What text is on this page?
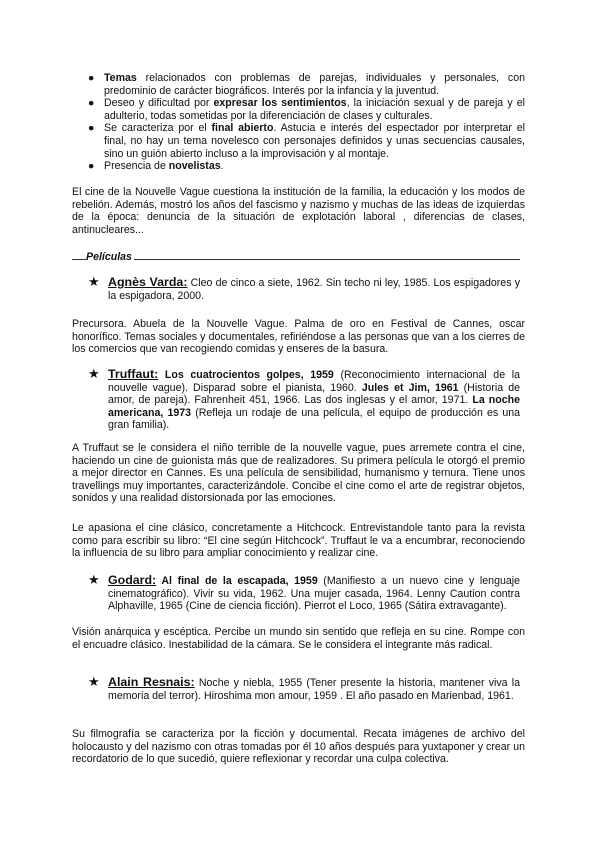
● Temas relacionados con problemas de parejas, individuales y personales, con predominio de carácter biográficos. Interés por la infancia y la juventud.
● Deseo y dificultad por expresar los sentimientos, la iniciación sexual y de pareja y el adulterio, todas sometidas por la diferenciación de clases y culturales.
● Se caracteriza por el final abierto. Astucia e interés del espectador por interpretar el final, no hay un tema novelesco con personajes definidos y unas secuencias causales, sino un guión abierto incluso a la improvisación y al montaje.
● Presencia de novelistas.

El cine de la Nouvelle Vague cuestiona la institución de la familia, la educación y los modos de rebelión. Además, mostró los años del fascismo y nazismo y muchas de las ideas de izquierdas de la época: denuncia de la situación de explotación laboral , diferencias de clases, antinucleares...

Películas
★ Agnès Varda: Cleo de cinco a siete, 1962. Sin techo ni ley, 1985. Los espigadores y la espigadora, 2000.

Precursora. Abuela de la Nouvelle Vague. Palma de oro en Festival de Cannes, oscar honorífico. Temas sociales y documentales, refiriéndose a las personas que van a los cierres de los comercios que van recogiendo comidas y enseres de la basura.

★ Truffaut: Los cuatrocientos golpes, 1959 (Reconocimiento internacional de la nouvelle vague). Disparad sobre el pianista, 1960. Jules et Jim, 1961 (Historia de amor, de pareja). Fahrenheit 451, 1966. Las dos inglesas y el amor, 1971. La noche americana, 1973 (Refleja un rodaje de una película, el equipo de producción es una gran familia).

A Truffaut se le considera el niño terrible de la nouvelle vague, pues arremete contra el cine, haciendo un cine de guionista más que de realizadores. Su primera película le otorgó el premio a mejor director en Cannes. Es una película de sensibilidad, humanismo y ternura. Tiene unos travellings muy importantes, caracterizándole. Concibe el cine como el arte de registrar objetos, sonidos y una realidad distorsionada por las emociones.

Le apasiona el cine clásico, concretamente a Hitchcock. Entrevistandole tanto para la revista como para escribir su libro: “El cine según Hitchcock”. Truffaut le va a encumbrar, reconociendo la influencia de su libro para ampliar conocimiento y realizar cine.

★ Godard: Al final de la escapada, 1959 (Manifiesto a un nuevo cine y lenguaje cinematográfico). Vivir su vida, 1962. Una mujer casada, 1964. Lenny Caution contra Alphaville, 1965 (Cine de ciencia ficción). Pierrot el Loco, 1965 (Sátira extravagante).

Visión anárquica y escéptica. Percibe un mundo sin sentido que refleja en su cine. Rompe con el encuadre clásico. Inestabilidad de la cámara. Se le considera el integrante más radical.

★ Alain Resnais: Noche y niebla, 1955 (Tener presente la historia, mantener viva la memoria del terror). Hiroshima mon amour, 1959 . El año pasado en Marienbad, 1961.

Su filmografía se caracteriza por la ficción y documental. Recata imágenes de archivo del holocausto y del nazismo con otras tomadas por él 10 años después para yuxtaponer y crear un recordatorio de lo que sucedió, quiere reflexionar y recordar una culpa colectiva.
